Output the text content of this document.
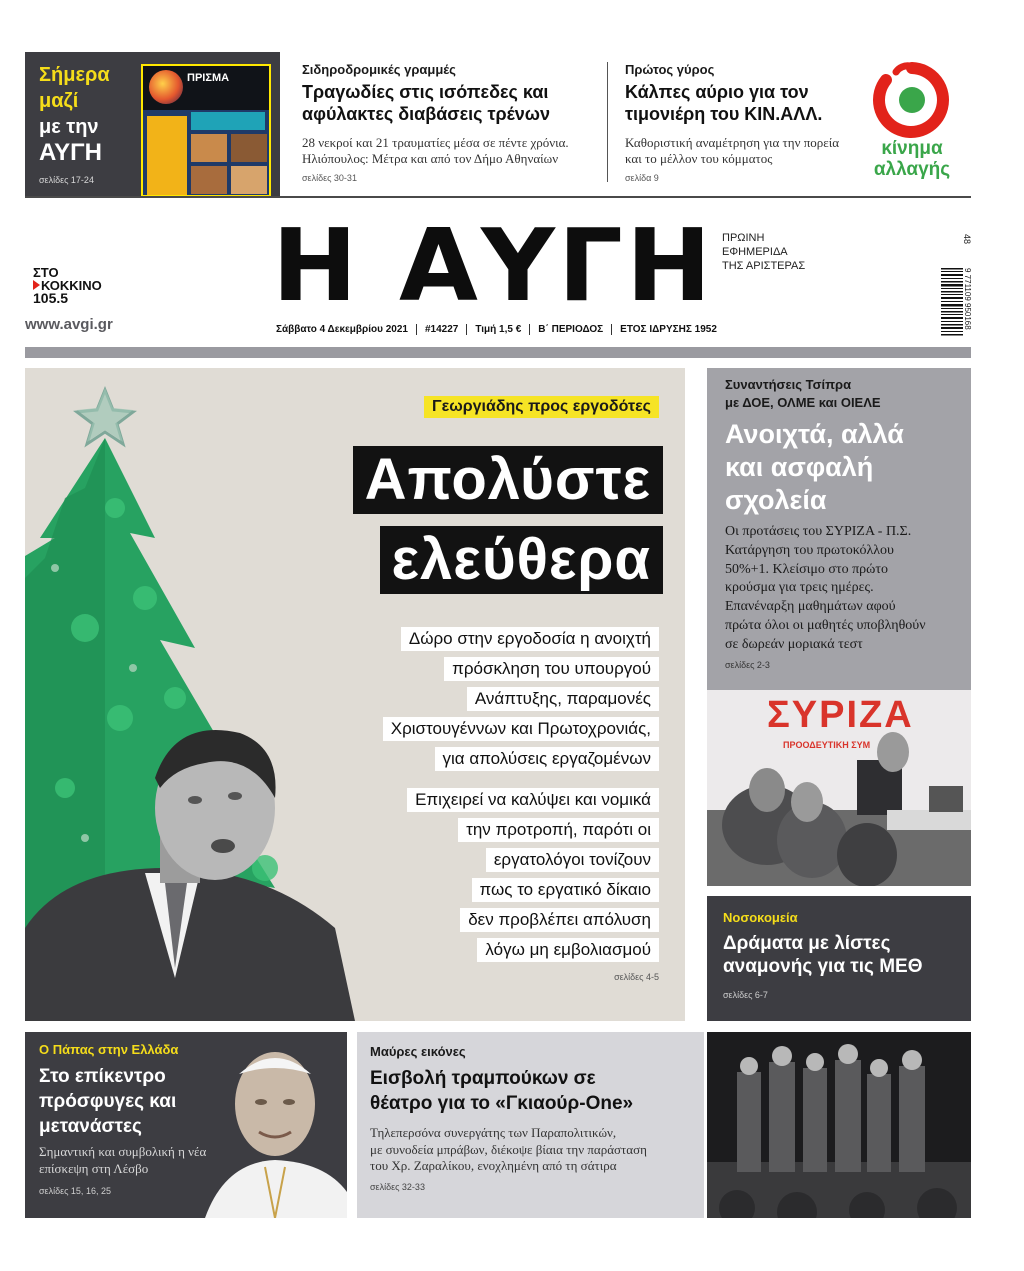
Σήμερα
μαζί
με την
ΑΥΓΗ
σελίδες 17-24
ΠΡΙΣΜΑ
Σιδηροδρομικές γραμμές
Τραγωδίες στις ισόπεδες και
αφύλακτες διαβάσεις τρένων
28 νεκροί και 21 τραυματίες μέσα σε πέντε χρόνια.
Ηλιόπουλος: Μέτρα και από τον Δήμο Αθηναίων
σελίδες 30-31
Πρώτος γύρος
Κάλπες αύριο για τον
τιμονιέρη του ΚΙΝ.ΑΛΛ.
Καθοριστική αναμέτρηση για την πορεία
και το μέλλον του κόμματος
σελίδα 9
κίνημα
αλλαγής
ΣΤΟ
ΚΟΚΚΙΝΟ
105.5
www.avgi.gr
Η ΑΥΓΗ ΠΡΩΙΝΗ
ΕΦΗΜΕΡΙΔΑ
ΤΗΣ ΑΡΙΣΤΕΡΑΣ
Σάββατο 4 Δεκεμβρίου 2021	#14227	Τιμή 1,5 €	Β΄ ΠΕΡΙΟΔΟΣ	ΕΤΟΣ ΙΔΡΥΣΗΣ 1952
48
9 771109 950168
Γεωργιάδης προς εργοδότες
Απολύστε
ελεύθερα
Δώρο στην εργοδοσία η ανοιχτή
πρόσκληση του υπουργού
Ανάπτυξης, παραμονές
Χριστουγέννων και Πρωτοχρονιάς,
για απολύσεις εργαζομένων
Επιχειρεί να καλύψει και νομικά
την προτροπή, παρότι οι
εργατολόγοι τονίζουν
πως το εργατικό δίκαιο
δεν προβλέπει απόλυση
λόγω μη εμβολιασμού
σελίδες 4-5
Συναντήσεις Τσίπρα
με ΔΟΕ, ΟΛΜΕ και ΟΙΕΛΕ
Ανοιχτά, αλλά
και ασφαλή
σχολεία
Οι προτάσεις του ΣΥΡΙΖΑ - Π.Σ.
Κατάργηση του πρωτοκόλλου
50%+1. Κλείσιμο στο πρώτο
κρούσμα για τρεις ημέρες.
Επανέναρξη μαθημάτων αφού
πρώτα όλοι οι μαθητές υποβληθούν
σε δωρεάν μοριακά τεστ
σελίδες 2-3
ΣΥΡΙΖΑ
ΠΡΟΟΔΕΥΤΙΚΗ ΣΥΜ
Νοσοκομεία
Δράματα με λίστες
αναμονής για τις ΜΕΘ
σελίδες 6-7
Ο Πάπας στην Ελλάδα
Στο επίκεντρο
πρόσφυγες και
μετανάστες
Σημαντική και συμβολική η νέα
επίσκεψη στη Λέσβο
σελίδες 15, 16, 25
Μαύρες εικόνες
Εισβολή τραμπούκων σε
θέατρο για το «Γκιαούρ-One»
Τηλεπερσόνα συνεργάτης των Παραπολιτικών,
με συνοδεία μπράβων, διέκοψε βίαια την παράσταση
του Χρ. Ζαραλίκου, ενοχλημένη από τη σάτιρα
σελίδες 32-33
